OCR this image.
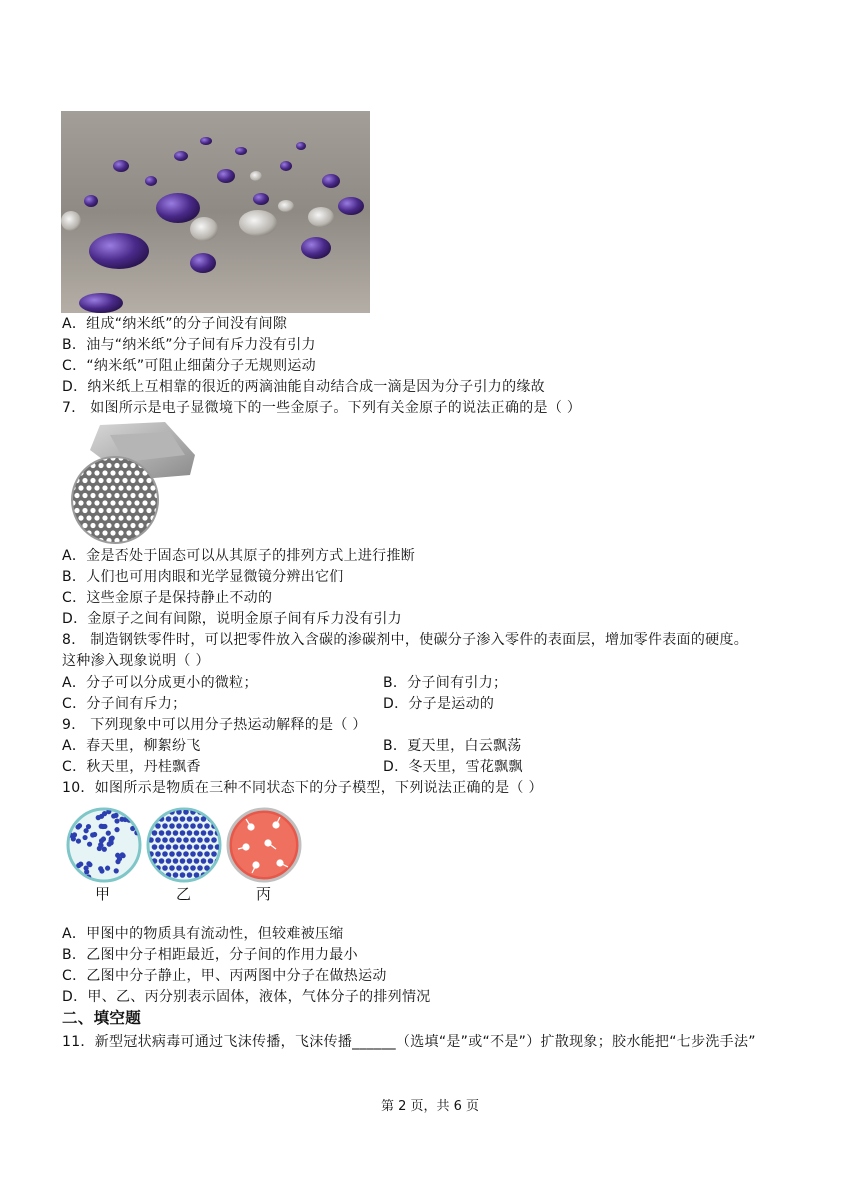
A．组成“纳米纸”的分子间没有间隙
B．油与“纳米纸”分子间有斥力没有引力
C．“纳米纸”可阻止细菌分子无规则运动
D．纳米纸上互相靠的很近的两滴油能自动结合成一滴是因为分子引力的缘故
7． 如图所示是电子显微境下的一些金原子。下列有关金原子的说法正确的是（ ）
A．金是否处于固态可以从其原子的排列方式上进行推断
B．人们也可用肉眼和光学显微镜分辨出它们
C．这些金原子是保持静止不动的
D．金原子之间有间隙，说明金原子间有斥力没有引力
8． 制造钢铁零件时，可以把零件放入含碳的渗碳剂中，使碳分子渗入零件的表面层，增加零件表面的硬度。
这种渗入现象说明（ ）
A．分子可以分成更小的微粒；	B．分子间有引力；
C．分子间有斥力；	D．分子是运动的
9． 下列现象中可以用分子热运动解释的是（ ）
A．春天里，柳絮纷飞	B．夏天里，白云飘荡
C．秋天里，丹桂飘香	D．冬天里，雪花飘飘
10．如图所示是物质在三种不同状态下的分子模型，下列说法正确的是（ ）
甲	乙	丙
A．甲图中的物质具有流动性，但较难被压缩
B．乙图中分子相距最近，分子间的作用力最小
C．乙图中分子静止，甲、丙两图中分子在做热运动
D．甲、乙、丙分别表示固体，液体，气体分子的排列情况
二、填空题
11．新型冠状病毒可通过飞沫传播，飞沫传播______（选填“是”或“不是”）扩散现象；胶水能把“七步洗手法”
第 2 页，共 6 页
